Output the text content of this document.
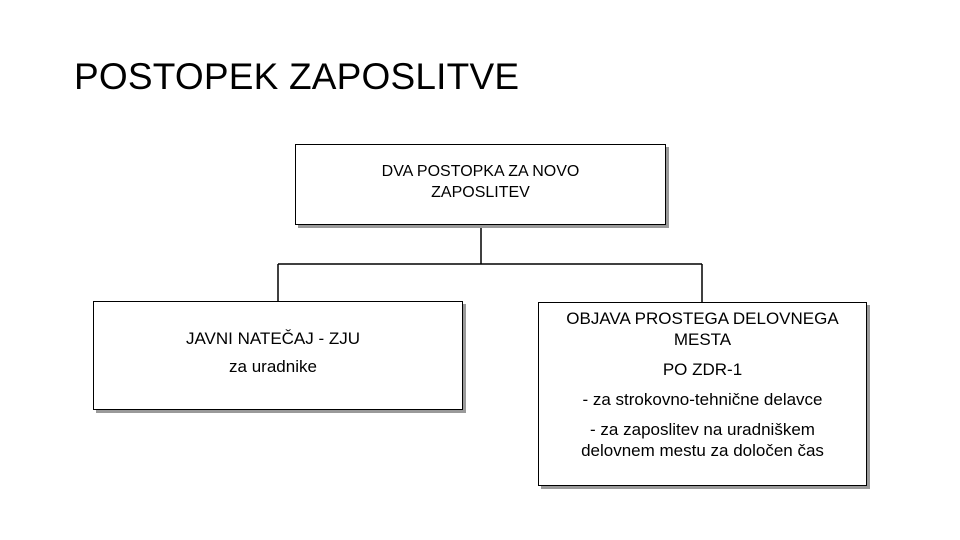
POSTOPEK ZAPOSLITVE
DVA POSTOPKA ZA NOVO
ZAPOSLITEV
JAVNI NATEČAJ - ZJU
za uradnike
OBJAVA PROSTEGA DELOVNEGA
MESTA
PO ZDR-1
- za strokovno-tehnične delavce
- za zaposlitev na uradniškem
delovnem mestu za določen čas
